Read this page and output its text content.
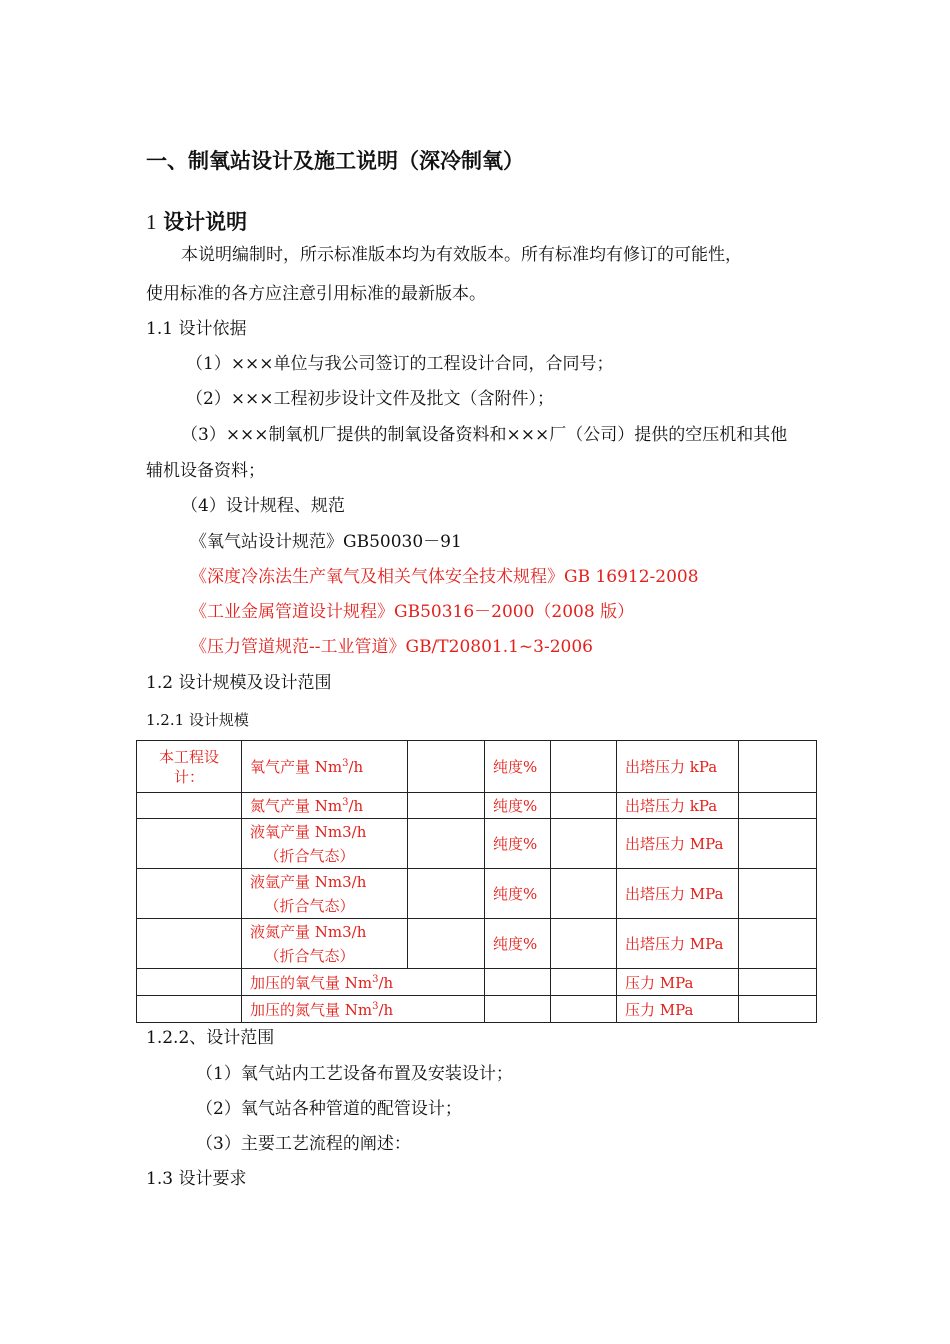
一、制氧站设计及施工说明（深冷制氧）
1 设计说明
本说明编制时，所示标准版本均为有效版本。所有标准均有修订的可能性，
使用标准的各方应注意引用标准的最新版本。
1.1 设计依据
（1）×××单位与我公司签订的工程设计合同，合同号；
（2）×××工程初步设计文件及批文（含附件）；
（3）×××制氧机厂提供的制氧设备资料和×××厂（公司）提供的空压机和其他
辅机设备资料；
（4）设计规程、规范
《氧气站设计规范》GB50030－91
《深度冷冻法生产氧气及相关气体安全技术规程》GB 16912-2008
《工业金属管道设计规程》GB50316－2000（2008 版）
《压力管道规范--工业管道》GB/T20801.1~3-2006
1.2 设计规模及设计范围
1.2.1 设计规模
本工程设
计：	氧气产量 Nm$^3$/h		纯度%		出塔压力 kPa	
	氮气产量 Nm$^3$/h		纯度%		出塔压力 kPa	
	液氧产量 Nm3/h
（折合气态）		纯度%		出塔压力 MPa	
	液氩产量 Nm3/h
（折合气态）		纯度%		出塔压力 MPa	
	液氮产量 Nm3/h
（折合气态）		纯度%		出塔压力 MPa	
	加压的氧气量 Nm$^3$/h				压力 MPa	
	加压的氮气量 Nm$^3$/h				压力 MPa	
1.2.2、设计范围
（1）氧气站内工艺设备布置及安装设计；
（2）氧气站各种管道的配管设计；
（3）主要工艺流程的阐述：
1.3 设计要求
